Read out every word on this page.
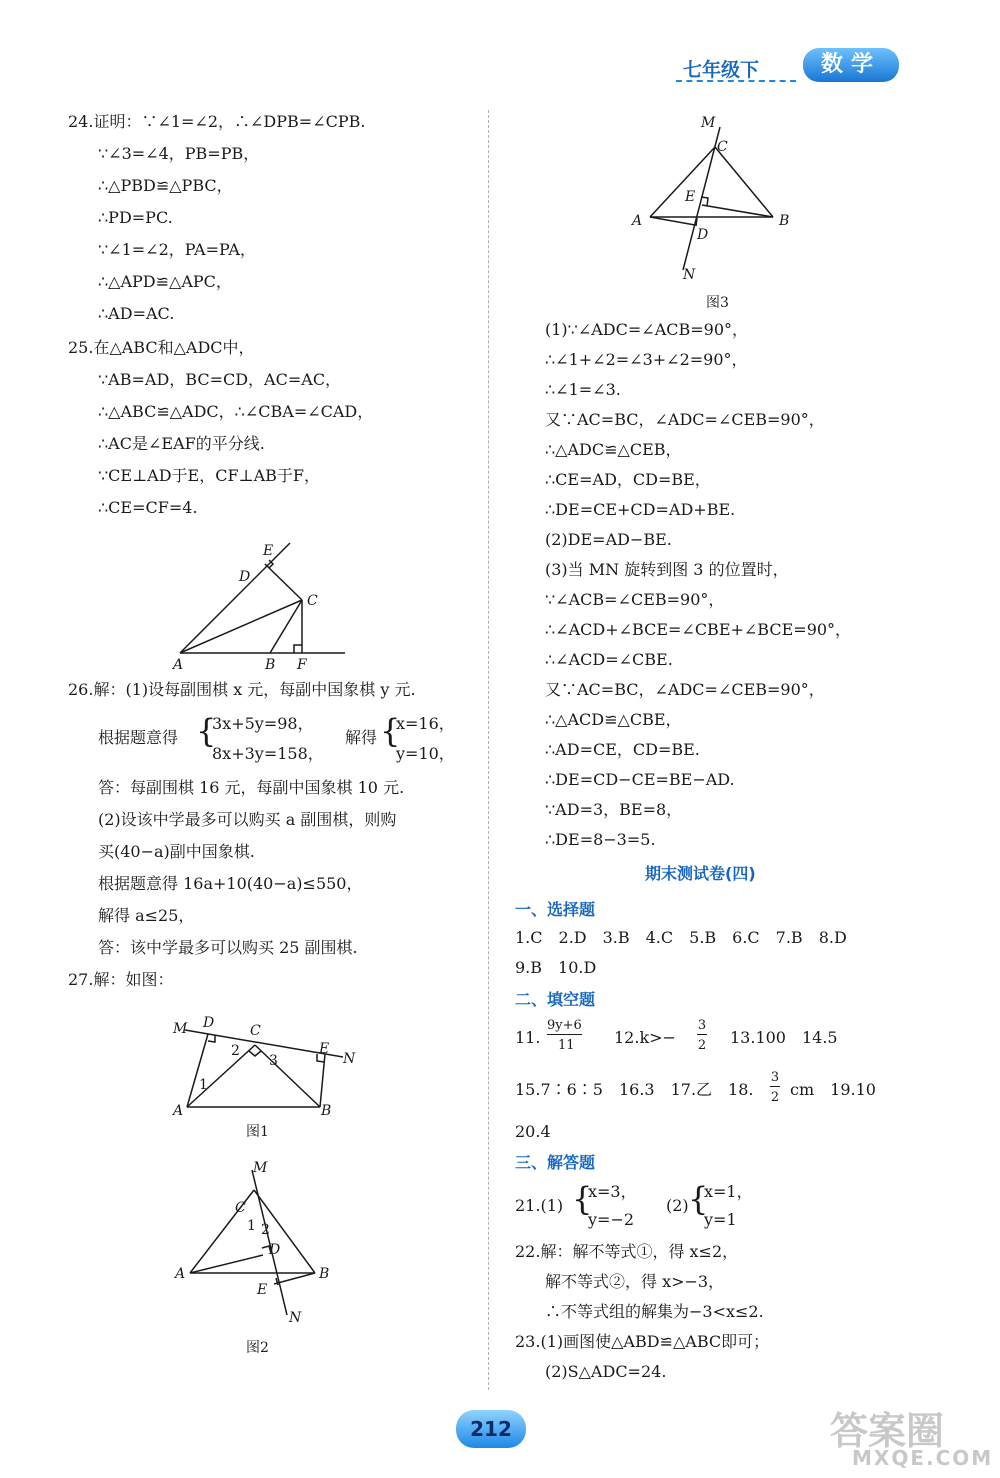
七年级下	数学
24.证明：∵∠1=∠2，∴∠DPB=∠CPB.
∵∠3=∠4，PB=PB，
∴△PBD≌△PBC，
∴PD=PC.
∵∠1=∠2，PA=PA，
∴△APD≌△APC，
∴AD=AC.
25.在△ABC和△ADC中，
∵AB=AD，BC=CD，AC=AC，
∴△ABC≌△ADC，∴∠CBA=∠CAD，
∴AC是∠EAF的平分线.
∵CE⊥AD于E，CF⊥AB于F，
∴CE=CF=4.
E
D
C
A	B F
26.解：(1)设每副围棋 x 元，每副中国象棋 y 元.
根据题意得 {
3x+5y=98，
8x+3y=158，
解得 {
x=16，
y=10，
答：每副围棋 16 元，每副中国象棋 10 元.
(2)设该中学最多可以购买 a 副围棋，则购
买(40−a)副中国象棋.
根据题意得 16a+10(40−a)≤550，
解得 a≤25，
答：该中学最多可以购买 25 副围棋.
27.解：如图：
M D	C
E
N
2
3
1
A	B
图1
M
C
1 2
D
A
E
B
N
图2
M
C
E
A
D
B
N
图3
(1)∵∠ADC=∠ACB=90°，
∴∠1+∠2=∠3+∠2=90°，
∴∠1=∠3.
又∵AC=BC，∠ADC=∠CEB=90°，
∴△ADC≌△CEB，
∴CE=AD，CD=BE，
∴DE=CE+CD=AD+BE.
(2)DE=AD−BE.
(3)当 MN 旋转到图 3 的位置时，
∵∠ACB=∠CEB=90°，
∴∠ACD+∠BCE=∠CBE+∠BCE=90°，
∴∠ACD=∠CBE.
又∵AC=BC，∠ADC=∠CEB=90°，
∴△ACD≌△CBE，
∴AD=CE，CD=BE.
∴DE=CD−CE=BE−AD.
∵AD=3，BE=8，
∴DE=8−3=5.
期末测试卷(四)
一、选择题
1.C　2.D　3.B　4.C　5.B　6.C　7.B　8.D
9.B　10.D
二、填空题
11.
9y+6
11 12.k>−
3
2 13.100　14.5
15.7∶6∶5　16.3　17.乙　18.
3
2 cm　19.10
20.4
三、解答题
21.(1) {
x=3，
y=−2
(2) {
x=1，
y=1
22.解：解不等式①，得 x≤2，
解不等式②，得 x>−3，
∴不等式组的解集为−3<x≤2.
23.(1)画图使△ABD≌△ABC即可；
(2)S△ADC=24.
212	答案圈
MXQE.COM
